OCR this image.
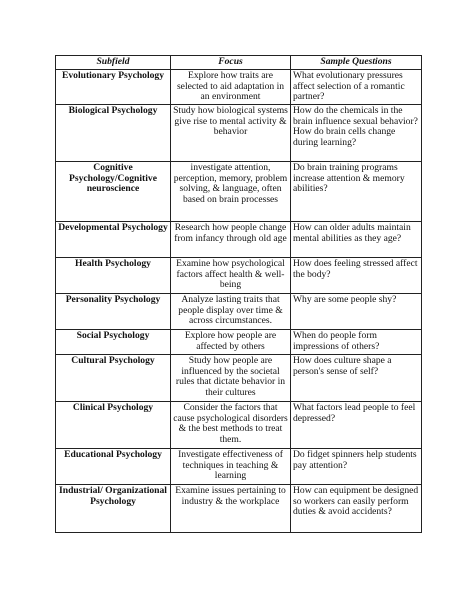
Subfield	Focus	Sample Questions
Evolutionary Psychology	Explore how traits are selected to aid adaptation in an environment	What evolutionary pressures affect selection of a romantic partner?
Biological Psychology	Study how biological systems give rise to mental activity & behavior	How do the chemicals in the brain influence sexual behavior? How do brain cells change during learning?
Cognitive Psychology/Cognitive neuroscience	investigate attention, perception, memory, problem solving, & language, often based on brain processes	Do brain training programs increase attention & memory abilities?
Developmental Psychology	Research how people change from infancy through old age	How can older adults maintain mental abilities as they age?
Health Psychology	Examine how psychological factors affect health & well-being	How does feeling stressed affect the body?
Personality Psychology	Analyze lasting traits that people display over time & across circumstances.	Why are some people shy?
Social Psychology	Explore how people are affected by others	When do people form impressions of others?
Cultural Psychology	Study how people are influenced by the societal rules that dictate behavior in their cultures	How does culture shape a person's sense of self?
Clinical Psychology	Consider the factors that cause psychological disorders & the best methods to treat them.	What factors lead people to feel depressed?
Educational Psychology	Investigate effectiveness of techniques in teaching & learning	Do fidget spinners help students pay attention?
Industrial/ Organizational Psychology	Examine issues pertaining to industry & the workplace	How can equipment be designed so workers can easily perform duties & avoid accidents?
